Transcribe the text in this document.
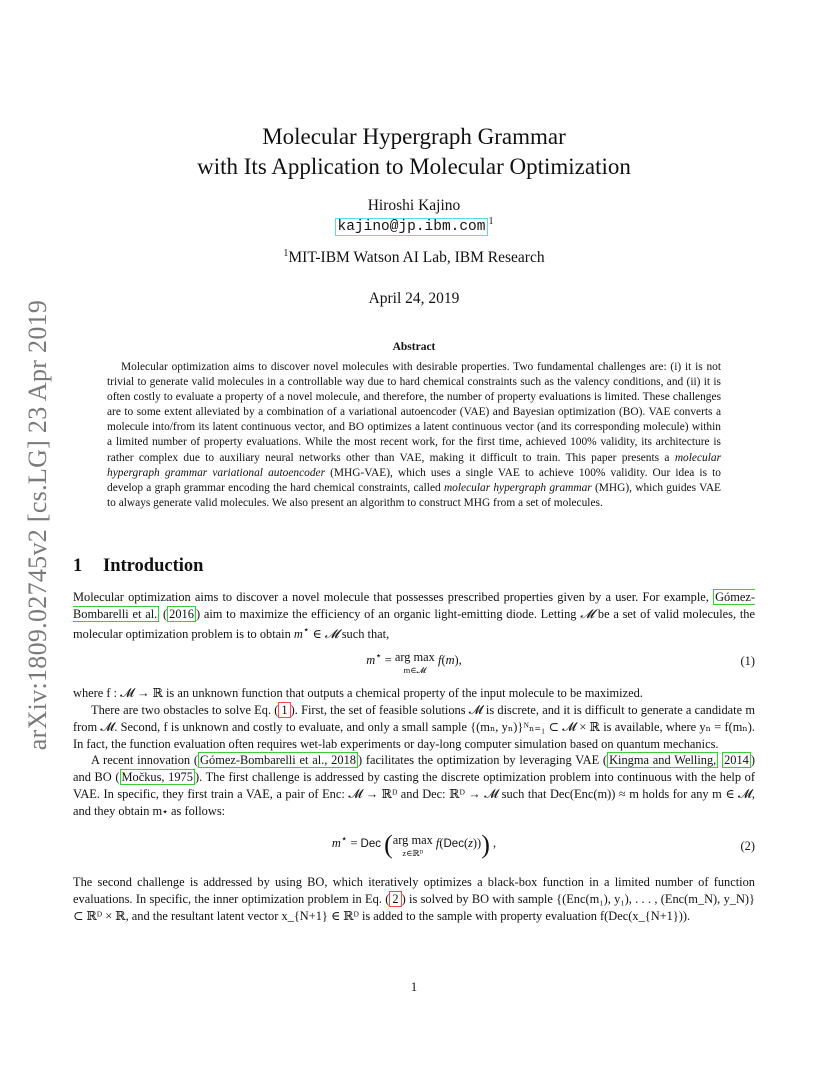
arXiv:1809.02745v2 [cs.LG] 23 Apr 2019
Molecular Hypergraph Grammar
with Its Application to Molecular Optimization
Hiroshi Kajino
kajino@jp.ibm.com $^1$
$^1$MIT-IBM Watson AI Lab, IBM Research
April 24, 2019
Abstract

Molecular optimization aims to discover novel molecules with desirable properties. Two fundamental challenges are: (i) it is not trivial to generate valid molecules in a controllable way due to hard chemical constraints such as the valency conditions, and (ii) it is often costly to evaluate a property of a novel molecule, and therefore, the number of property evaluations is limited. These challenges are to some extent alleviated by a combination of a variational autoencoder (VAE) and Bayesian optimization (BO). VAE converts a molecule into/from its latent continuous vector, and BO optimizes a latent continuous vector (and its corresponding molecule) within a limited number of property evaluations. While the most recent work, for the first time, achieved 100% validity, its architecture is rather complex due to auxiliary neural networks other than VAE, making it difficult to train. This paper presents a molecular hypergraph grammar variational autoencoder (MHG-VAE), which uses a single VAE to achieve 100% validity. Our idea is to develop a graph grammar encoding the hard chemical constraints, called molecular hypergraph grammar (MHG), which guides VAE to always generate valid molecules. We also present an algorithm to construct MHG from a set of molecules.

1 Introduction

Molecular optimization aims to discover a novel molecule that possesses prescribed properties given by a user. For example, Gómez-Bombarelli et al. ( 2016 ) aim to maximize the efficiency of an organic light-emitting diode. Letting 𝓜 be a set of valid molecules, the molecular optimization problem is to obtain m⋆ ∈ 𝓜 such that,

m⋆ = arg max
m∈𝓜
f(m),	(1)

where f : 𝓜 → ℝ is an unknown function that outputs a chemical property of the input molecule to be maximized.

There are two obstacles to solve Eq. ( 1 ). First, the set of feasible solutions 𝓜 is discrete, and it is difficult to generate a candidate m from 𝓜. Second, f is unknown and costly to evaluate, and only a small sample {(mₙ, yₙ)}ᴺₙ₌₁ ⊂ 𝓜 × ℝ is available, where yₙ = f(mₙ). In fact, the function evaluation often requires wet-lab experiments or day-long computer simulation based on quantum mechanics.

A recent innovation ( Gómez-Bombarelli et al., 2018 ) facilitates the optimization by leveraging VAE ( Kingma and Welling, 2014 ) and BO ( Močkus, 1975 ). The first challenge is addressed by casting the discrete optimization problem into continuous with the help of VAE. In specific, they first train a VAE, a pair of Enc: 𝓜 → ℝᴰ and Dec: ℝᴰ → 𝓜 such that Dec(Enc(m)) ≈ m holds for any m ∈ 𝓜, and they obtain m⋆ as follows:

m⋆ = Dec (arg max
z∈ℝᴰ
f(Dec(z))) ,	(2)

The second challenge is addressed by using BO, which iteratively optimizes a black-box function in a limited number of function evaluations. In specific, the inner optimization problem in Eq. ( 2 ) is solved by BO with sample {(Enc(m₁), y₁), . . . , (Enc(m_N), y_N)} ⊂ ℝᴰ × ℝ, and the resultant latent vector x_{N+1} ∈ ℝᴰ is added to the sample with property evaluation f(Dec(x_{N+1})).

1
